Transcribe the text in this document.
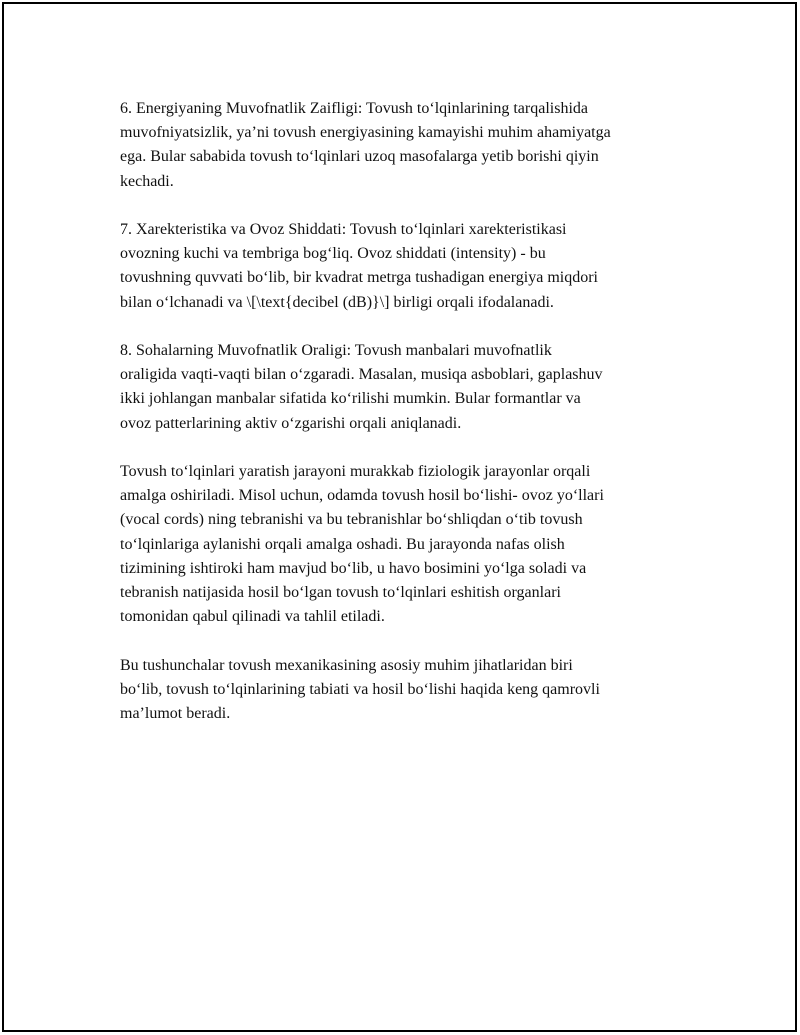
6. Energiyaning Muvofnatlik Zaifligi: Tovush to‘lqinlarining tarqalishida
muvofniyatsizlik, ya’ni tovush energiyasining kamayishi muhim ahamiyatga
ega. Bular sababida tovush to‘lqinlari uzoq masofalarga yetib borishi qiyin
kechadi.

7. Xarekteristika va Ovoz Shiddati: Tovush to‘lqinlari xarekteristikasi
ovozning kuchi va tembriga bog‘liq. Ovoz shiddati (intensity) - bu
tovushning quvvati bo‘lib, bir kvadrat metrga tushadigan energiya miqdori
bilan o‘lchanadi va \[\text{decibel (dB)}\] birligi orqali ifodalanadi.

8. Sohalarning Muvofnatlik Oraligi: Tovush manbalari muvofnatlik
oraligida vaqti-vaqti bilan o‘zgaradi. Masalan, musiqa asboblari, gaplashuv
ikki johlangan manbalar sifatida ko‘rilishi mumkin. Bular formantlar va
ovoz patterlarining aktiv o‘zgarishi orqali aniqlanadi.

Tovush to‘lqinlari yaratish jarayoni murakkab fiziologik jarayonlar orqali
amalga oshiriladi. Misol uchun, odamda tovush hosil bo‘lishi- ovoz yo‘llari
(vocal cords) ning tebranishi va bu tebranishlar bo‘shliqdan o‘tib tovush
to‘lqinlariga aylanishi orqali amalga oshadi. Bu jarayonda nafas olish
tizimining ishtiroki ham mavjud bo‘lib, u havo bosimini yo‘lga soladi va
tebranish natijasida hosil bo‘lgan tovush to‘lqinlari eshitish organlari
tomonidan qabul qilinadi va tahlil etiladi.

Bu tushunchalar tovush mexanikasining asosiy muhim jihatlaridan biri
bo‘lib, tovush to‘lqinlarining tabiati va hosil bo‘lishi haqida keng qamrovli
ma’lumot beradi.
